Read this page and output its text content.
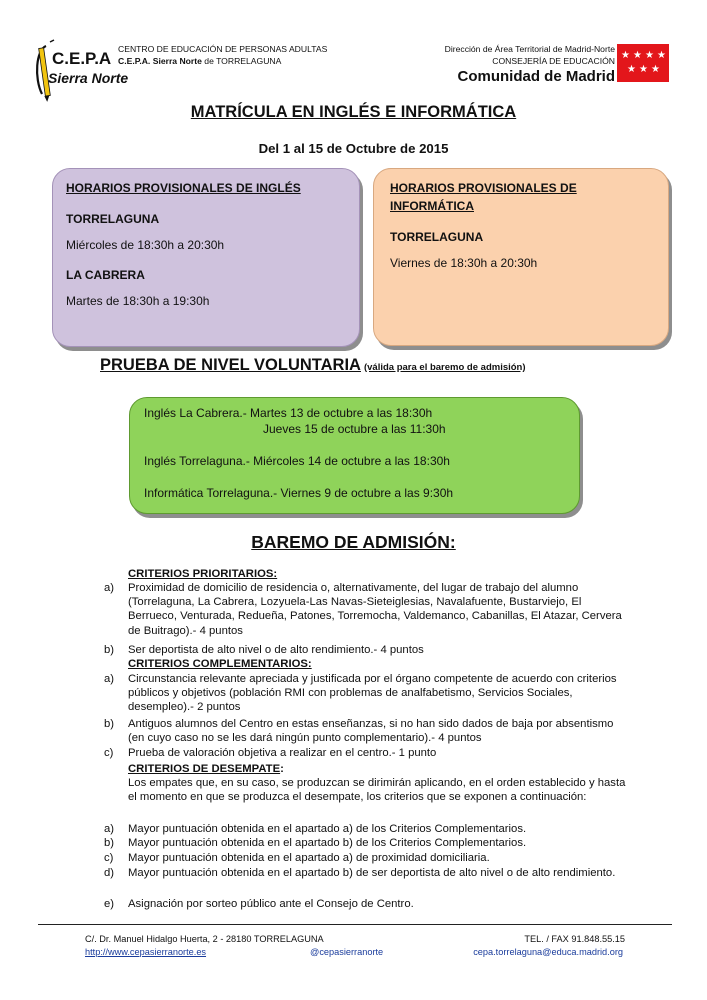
C.E.P.A
Sierra Norte
CENTRO DE EDUCACIÓN DE PERSONAS ADULTAS
C.E.P.A. Sierra Norte de TORRELAGUNA
Dirección de Área Territorial de Madrid-Norte
CONSEJERÍA DE EDUCACIÓN
Comunidad de Madrid
★ ★ ★ ★
★ ★ ★
MATRÍCULA EN INGLÉS E INFORMÁTICA
Del 1 al 15 de Octubre de 2015
HORARIOS PROVISIONALES DE INGLÉS
TORRELAGUNA
Miércoles de 18:30h a 20:30h
LA CABRERA
Martes de 18:30h a 19:30h
HORARIOS PROVISIONALES DE
INFORMÁTICA
TORRELAGUNA
Viernes de 18:30h a 20:30h
PRUEBA DE NIVEL VOLUNTARIA (válida para el baremo de admisión)
Inglés La Cabrera.- Martes 13 de octubre a las 18:30h
Jueves 15 de octubre a las 11:30h
Inglés Torrelaguna.- Miércoles 14 de octubre a las 18:30h
Informática Torrelaguna.- Viernes 9 de octubre a las 9:30h
BAREMO DE ADMISIÓN:
CRITERIOS PRIORITARIOS:
a) Proximidad de domicilio de residencia o, alternativamente, del lugar de trabajo del alumno (Torrelaguna, La Cabrera, Lozyuela-Las Navas-Sieteiglesias, Navalafuente, Bustarviejo, El Berrueco, Venturada, Redueña, Patones, Torremocha, Valdemanco, Cabanillas, El Atazar, Cervera de Buitrago).- 4 puntos
b) Ser deportista de alto nivel o de alto rendimiento.- 4 puntos
CRITERIOS COMPLEMENTARIOS:
a) Circunstancia relevante apreciada y justificada por el órgano competente de acuerdo con criterios públicos y objetivos (población RMI con problemas de analfabetismo, Servicios Sociales, desempleo).- 2 puntos
b) Antiguos alumnos del Centro en estas enseñanzas, si no han sido dados de baja por absentismo (en cuyo caso no se les dará ningún punto complementario).- 4 puntos
c) Prueba de valoración objetiva a realizar en el centro.- 1 punto
CRITERIOS DE DESEMPATE:
Los empates que, en su caso, se produzcan se dirimirán aplicando, en el orden establecido y hasta el momento en que se produzca el desempate, los criterios que se exponen a continuación:
a) Mayor puntuación obtenida en el apartado a) de los Criterios Complementarios.
b) Mayor puntuación obtenida en el apartado b) de los Criterios Complementarios.
c) Mayor puntuación obtenida en el apartado a) de proximidad domiciliaria.
d) Mayor puntuación obtenida en el apartado b) de ser deportista de alto nivel o de alto rendimiento.
e) Asignación por sorteo público ante el Consejo de Centro.
C/. Dr. Manuel Hidalgo Huerta, 2 - 28180 TORRELAGUNA	TEL. / FAX 91.848.55.15
http://www.cepasierranorte.es	@cepasierranorte	cepa.torrelaguna@educa.madrid.org
